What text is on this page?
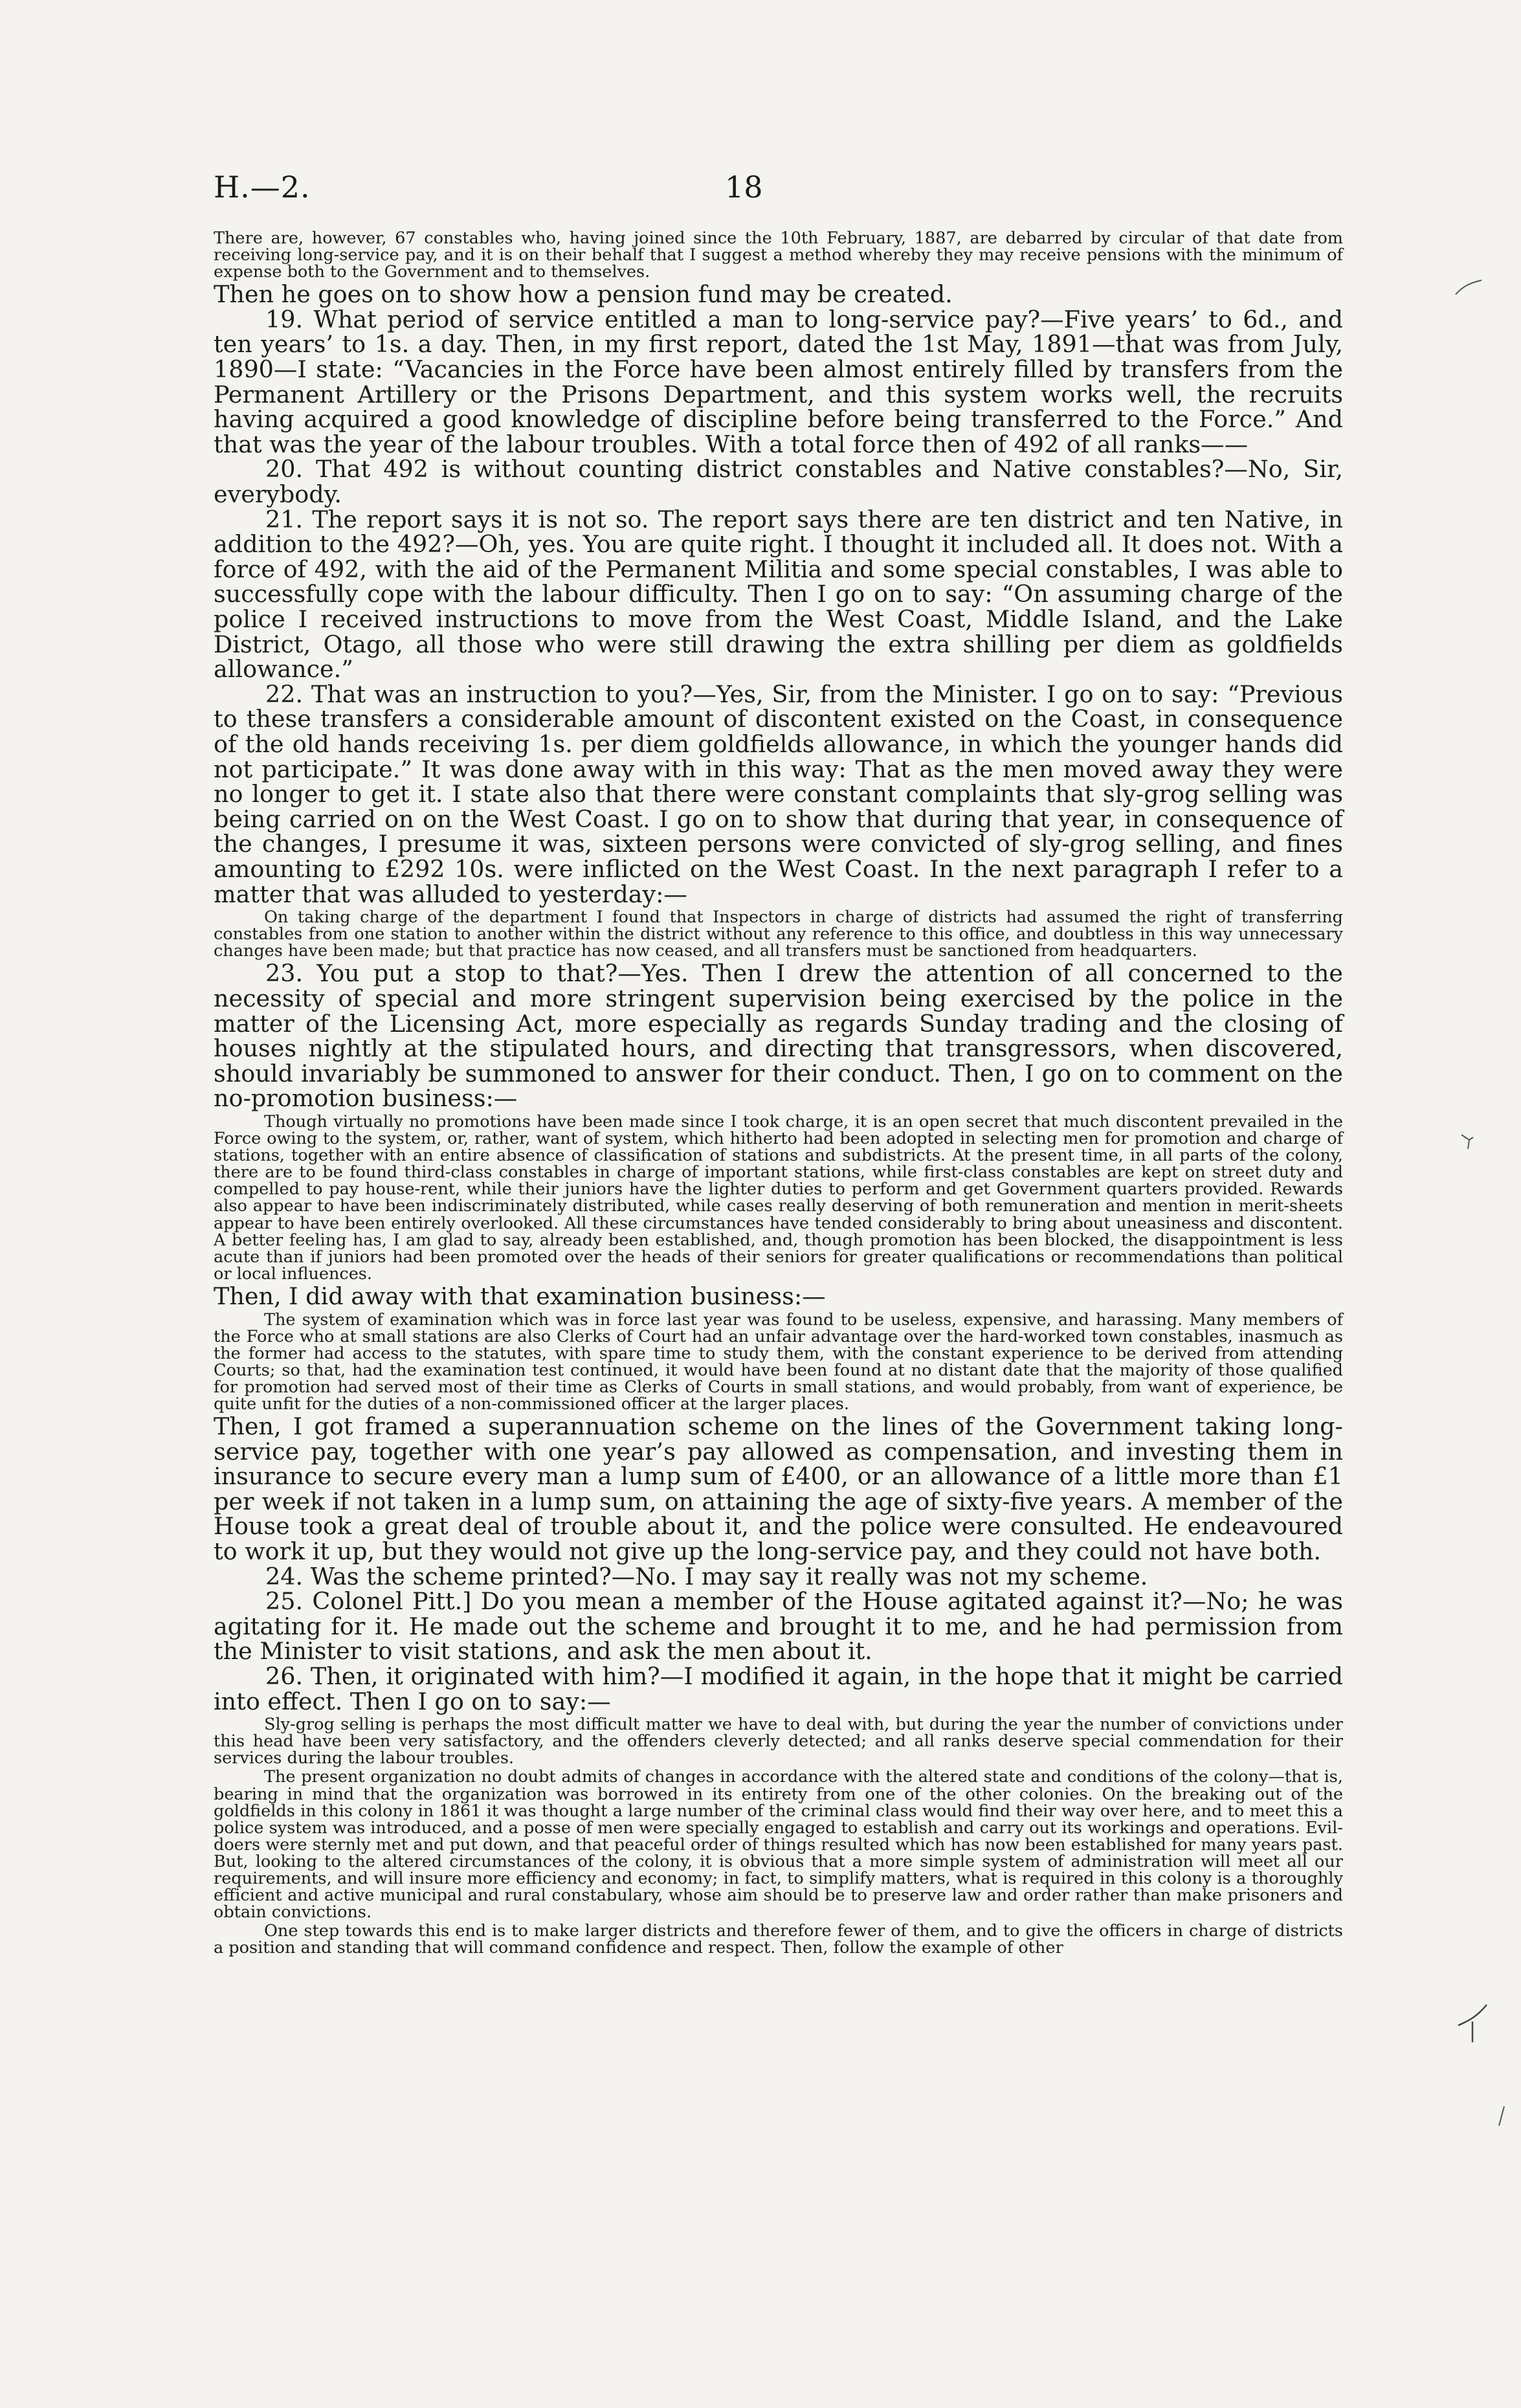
H.—2.	18

There are, however, 67 constables who, having joined since the 10th February, 1887, are debarred by circular of that date from receiving long-service pay, and it is on their behalf that I suggest a method whereby they may receive pensions with the minimum of expense both to the Government and to themselves.

Then he goes on to show how a pension fund may be created.

19. What period of service entitled a man to long-service pay?—Five years’ to 6d., and ten years’ to 1s. a day. Then, in my first report, dated the 1st May, 1891—that was from July, 1890—I state: “Vacancies in the Force have been almost entirely filled by transfers from the Permanent Artillery or the Prisons Department, and this system works well, the recruits having acquired a good knowledge of discipline before being transferred to the Force.” And that was the year of the labour troubles. With a total force then of 492 of all ranks——

20. That 492 is without counting district constables and Native constables?—No, Sir, everybody.

21. The report says it is not so. The report says there are ten district and ten Native, in addition to the 492?—Oh, yes. You are quite right. I thought it included all. It does not. With a force of 492, with the aid of the Permanent Militia and some special constables, I was able to successfully cope with the labour difficulty. Then I go on to say: “On assuming charge of the police I received instructions to move from the West Coast, Middle Island, and the Lake District, Otago, all those who were still drawing the extra shilling per diem as goldfields allowance.”

22. That was an instruction to you?—Yes, Sir, from the Minister. I go on to say: “Previous to these transfers a considerable amount of discontent existed on the Coast, in consequence of the old hands receiving 1s. per diem goldfields allowance, in which the younger hands did not participate.” It was done away with in this way: That as the men moved away they were no longer to get it. I state also that there were constant complaints that sly-grog selling was being carried on on the West Coast. I go on to show that during that year, in consequence of the changes, I presume it was, sixteen persons were convicted of sly-grog selling, and fines amounting to £292 10s. were inflicted on the West Coast. In the next paragraph I refer to a matter that was alluded to yesterday:—

On taking charge of the department I found that Inspectors in charge of districts had assumed the right of transferring constables from one station to another within the district without any reference to this office, and doubtless in this way unnecessary changes have been made; but that practice has now ceased, and all transfers must be sanctioned from headquarters.

23. You put a stop to that?—Yes. Then I drew the attention of all concerned to the necessity of special and more stringent supervision being exercised by the police in the matter of the Licensing Act, more especially as regards Sunday trading and the closing of houses nightly at the stipulated hours, and directing that transgressors, when discovered, should invariably be summoned to answer for their conduct. Then, I go on to comment on the no-promotion business:—

Though virtually no promotions have been made since I took charge, it is an open secret that much discontent prevailed in the Force owing to the system, or, rather, want of system, which hitherto had been adopted in selecting men for promotion and charge of stations, together with an entire absence of classification of stations and subdistricts. At the present time, in all parts of the colony, there are to be found third-class constables in charge of important stations, while first-class constables are kept on street duty and compelled to pay house-rent, while their juniors have the lighter duties to perform and get Government quarters provided. Rewards also appear to have been indiscriminately distributed, while cases really deserving of both remuneration and mention in merit-sheets appear to have been entirely overlooked. All these circumstances have tended considerably to bring about uneasiness and discontent. A better feeling has, I am glad to say, already been established, and, though promotion has been blocked, the disappointment is less acute than if juniors had been promoted over the heads of their seniors for greater qualifications or recommendations than political or local influences.

Then, I did away with that examination business:—

The system of examination which was in force last year was found to be useless, expensive, and harassing. Many members of the Force who at small stations are also Clerks of Court had an unfair advantage over the hard-worked town constables, inasmuch as the former had access to the statutes, with spare time to study them, with the constant experience to be derived from attending Courts; so that, had the examination test continued, it would have been found at no distant date that the majority of those qualified for promotion had served most of their time as Clerks of Courts in small stations, and would probably, from want of experience, be quite unfit for the duties of a non-commissioned officer at the larger places.

Then, I got framed a superannuation scheme on the lines of the Government taking long-service pay, together with one year’s pay allowed as compensation, and investing them in insurance to secure every man a lump sum of £400, or an allowance of a little more than £1 per week if not taken in a lump sum, on attaining the age of sixty-five years. A member of the House took a great deal of trouble about it, and the police were consulted. He endeavoured to work it up, but they would not give up the long-service pay, and they could not have both.

24. Was the scheme printed?—No. I may say it really was not my scheme.

25. Colonel Pitt.] Do you mean a member of the House agitated against it?—No; he was agitating for it. He made out the scheme and brought it to me, and he had permission from the Minister to visit stations, and ask the men about it.

26. Then, it originated with him?—I modified it again, in the hope that it might be carried into effect. Then I go on to say:—

Sly-grog selling is perhaps the most difficult matter we have to deal with, but during the year the number of convictions under this head have been very satisfactory, and the offenders cleverly detected; and all ranks deserve special commendation for their services during the labour troubles.

The present organization no doubt admits of changes in accordance with the altered state and conditions of the colony—that is, bearing in mind that the organization was borrowed in its entirety from one of the other colonies. On the breaking out of the goldfields in this colony in 1861 it was thought a large number of the criminal class would find their way over here, and to meet this a police system was introduced, and a posse of men were specially engaged to establish and carry out its workings and operations. Evil-doers were sternly met and put down, and that peaceful order of things resulted which has now been established for many years past. But, looking to the altered circumstances of the colony, it is obvious that a more simple system of administration will meet all our requirements, and will insure more efficiency and economy; in fact, to simplify matters, what is required in this colony is a thoroughly efficient and active municipal and rural constabulary, whose aim should be to preserve law and order rather than make prisoners and obtain convictions.

One step towards this end is to make larger districts and therefore fewer of them, and to give the officers in charge of districts a position and standing that will command confidence and respect. Then, follow the example of other
